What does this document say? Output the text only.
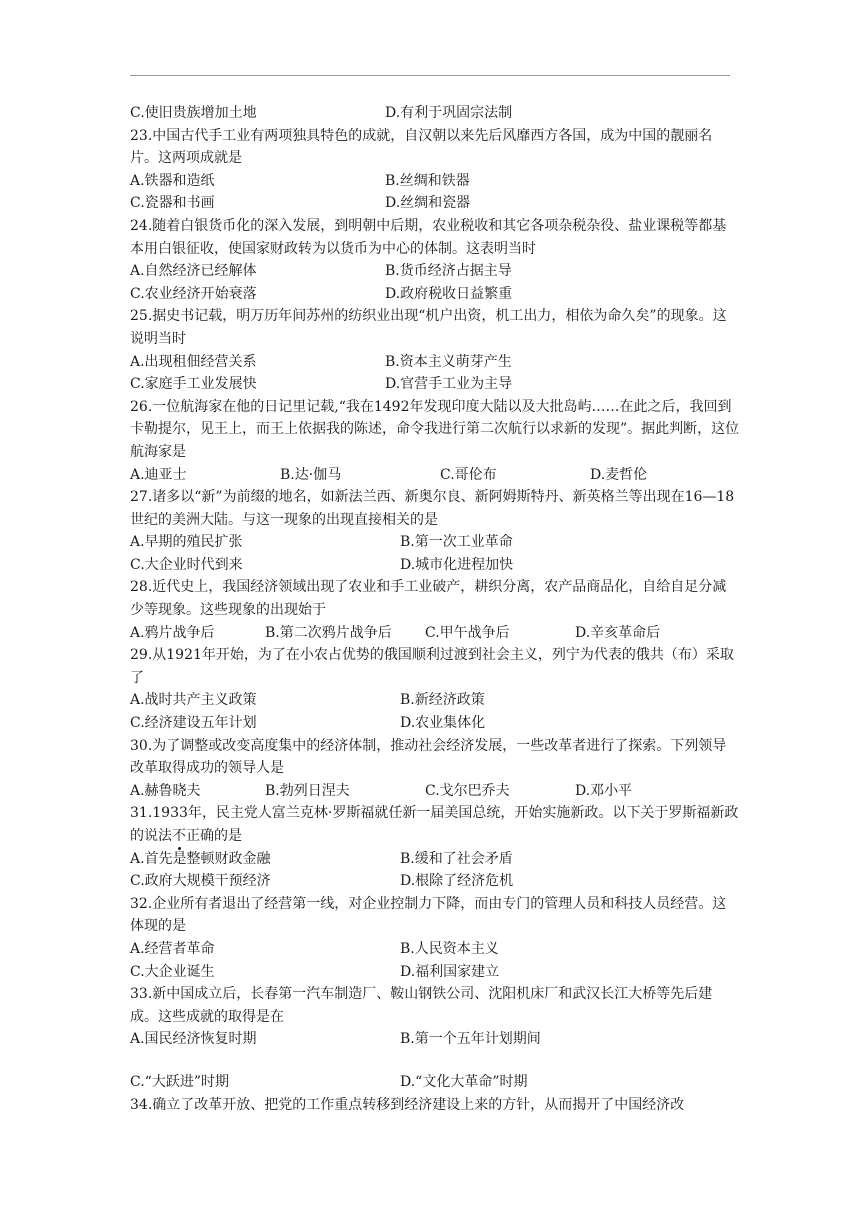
C.使旧贵族增加土地	D.有利于巩固宗法制

23.中国古代手工业有两项独具特色的成就，自汉朝以来先后风靡西方各国，成为中国的靓丽名片。这两项成就是

A.铁器和造纸	B.丝绸和铁器
C.瓷器和书画	D.丝绸和瓷器

24.随着白银货币化的深入发展，到明朝中后期，农业税收和其它各项杂税杂役、盐业课税等都基本用白银征收，使国家财政转为以货币为中心的体制。这表明当时

A.自然经济已经解体	B.货币经济占据主导
C.农业经济开始衰落	D.政府税收日益繁重

25.据史书记载，明万历年间苏州的纺织业出现“机户出资，机工出力，相依为命久矣”的现象。这说明当时

A.出现租佃经营关系	B.资本主义萌芽产生
C.家庭手工业发展快	D.官营手工业为主导

26.一位航海家在他的日记里记载,“我在1492年发现印度大陆以及大批岛屿……在此之后，我回到卡勒提尔，见王上，而王上依据我的陈述，命令我进行第二次航行以求新的发现”。据此判断，这位航海家是

A.迪亚士	B.达·伽马	C.哥伦布	D.麦哲伦

27.诸多以“新”为前缀的地名，如新法兰西、新奥尔良、新阿姆斯特丹、新英格兰等出现在16—18世纪的美洲大陆。与这一现象的出现直接相关的是

A.早期的殖民扩张	B.第一次工业革命
C.大企业时代到来	D.城市化进程加快

28.近代史上，我国经济领域出现了农业和手工业破产，耕织分离，农产品商品化，自给自足分减少等现象。这些现象的出现始于

A.鸦片战争后	B.第二次鸦片战争后	C.甲午战争后	D.辛亥革命后

29.从1921年开始，为了在小农占优势的俄国顺利过渡到社会主义，列宁为代表的俄共（布）采取了

A.战时共产主义政策	B.新经济政策
C.经济建设五年计划	D.农业集体化

30.为了调整或改变高度集中的经济体制，推动社会经济发展，一些改革者进行了探索。下列领导改革取得成功的领导人是

A.赫鲁晓夫	B.勃列日涅夫	C.戈尔巴乔夫	D.邓小平

31.1933年，民主党人富兰克林·罗斯福就任新一届美国总统，开始实施新政。以下关于罗斯福新政的说法不正确的是

A.首先是整顿财政金融	B.缓和了社会矛盾
C.政府大规模干预经济	D.根除了经济危机

32.企业所有者退出了经营第一线，对企业控制力下降，而由专门的管理人员和科技人员经营。这体现的是

A.经营者革命	B.人民资本主义
C.大企业诞生	D.福利国家建立

33.新中国成立后，长春第一汽车制造厂、鞍山钢铁公司、沈阳机床厂和武汉长江大桥等先后建成。这些成就的取得是在

A.国民经济恢复时期	B.第一个五年计划期间
C.“大跃进”时期	D.“文化大革命”时期

34.确立了改革开放、把党的工作重点转移到经济建设上来的方针，从而揭开了中国经济改
